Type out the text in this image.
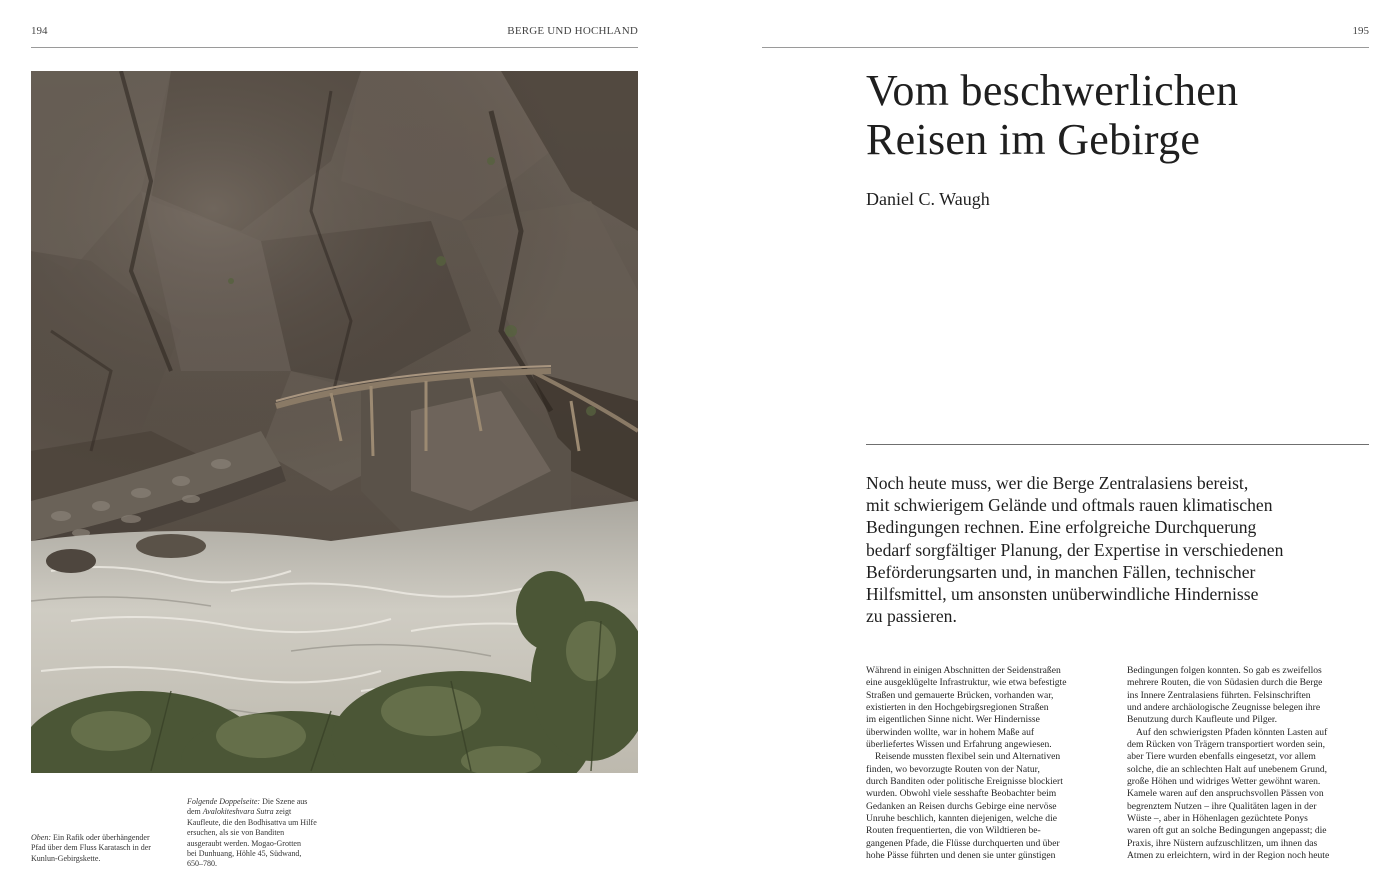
194	BERGE UND HOCHLAND
Oben: Ein Rafik oder überhängender
Pfad über dem Fluss Karatasch in der
Kunlun-Gebirgskette.
Folgende Doppelseite: Die Szene aus
dem Avalokiteshvara Sutra zeigt
Kaufleute, die den Bodhisattva um Hilfe
ersuchen, als sie von Banditen
ausgeraubt werden. Mogao-Grotten
bei Dunhuang, Höhle 45, Südwand,
650–780.
195
Vom beschwerlichen
Reisen im Gebirge
Daniel C. Waugh

Noch heute muss, wer die Berge Zentralasiens bereist,
mit schwierigem Gelände und oftmals rauen klimatischen
Bedingungen rechnen. Eine erfolgreiche Durchquerung
bedarf sorgfältiger Planung, der Expertise in verschiedenen
Beförderungsarten und, in manchen Fällen, technischer
Hilfsmittel, um ansonsten unüberwindliche Hindernisse
zu passieren.

Während in einigen Abschnitten der Seidenstraßen
eine ausgeklügelte Infrastruktur, wie etwa befestigte
Straßen und gemauerte Brücken, vorhanden war,
existierten in den Hochgebirgsregionen Straßen
im eigentlichen Sinne nicht. Wer Hindernisse
überwinden wollte, war in hohem Maße auf
überliefertes Wissen und Erfahrung angewiesen.
Reisende mussten flexibel sein und Alternativen
finden, wo bevorzugte Routen von der Natur,
durch Banditen oder politische Ereignisse blockiert
wurden. Obwohl viele sesshafte Beobachter beim
Gedanken an Reisen durchs Gebirge eine nervöse
Unruhe beschlich, kannten diejenigen, welche die
Routen frequentierten, die von Wildtieren be-
gangenen Pfade, die Flüsse durchquerten und über
hohe Pässe führten und denen sie unter günstigen
Bedingungen folgen konnten. So gab es zweifellos
mehrere Routen, die von Südasien durch die Berge
ins Innere Zentralasiens führten. Felsinschriften
und andere archäologische Zeugnisse belegen ihre
Benutzung durch Kaufleute und Pilger.
Auf den schwierigsten Pfaden könnten Lasten auf
dem Rücken von Trägern transportiert worden sein,
aber Tiere wurden ebenfalls eingesetzt, vor allem
solche, die an schlechten Halt auf unebenem Grund,
große Höhen und widriges Wetter gewöhnt waren.
Kamele waren auf den anspruchsvollen Pässen von
begrenztem Nutzen – ihre Qualitäten lagen in der
Wüste –, aber in Höhenlagen gezüchtete Ponys
waren oft gut an solche Bedingungen angepasst; die
Praxis, ihre Nüstern aufzuschlitzen, um ihnen das
Atmen zu erleichtern, wird in der Region noch heute
